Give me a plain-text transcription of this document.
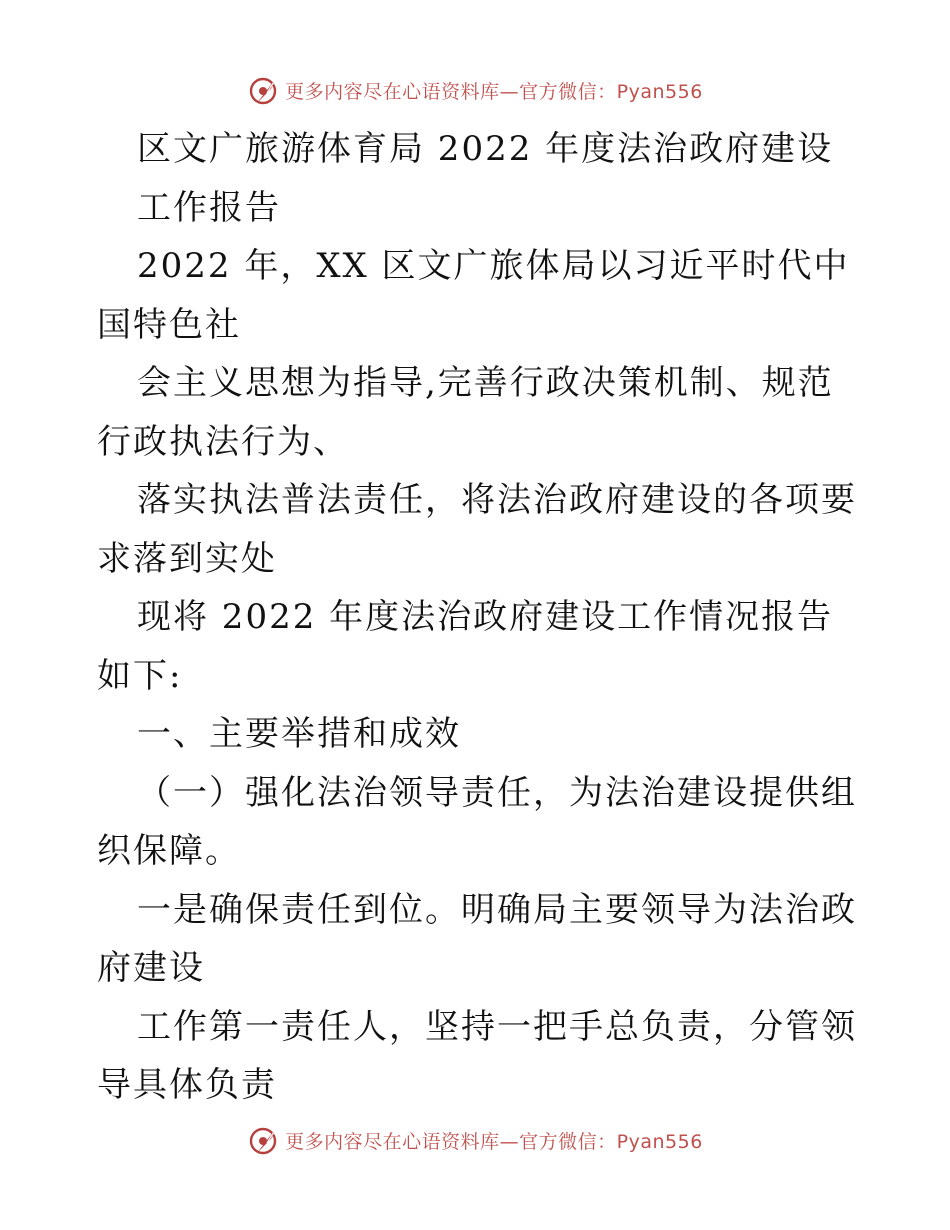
更多内容尽在心语资料库—官方微信：Pyan556

区文广旅游体育局 2022 年度法治政府建设

工作报告

2022 年，XX 区文广旅体局以习近平时代中国特色社

会主义思想为指导,完善行政决策机制、规范行政执法行为、

落实执法普法责任，将法治政府建设的各项要求落到实处

现将 2022 年度法治政府建设工作情况报告如下:

一、主要举措和成效

（一）强化法治领导责任，为法治建设提供组织保障。

一是确保责任到位。明确局主要领导为法治政府建设

工作第一责任人，坚持一把手总负责，分管领导具体负责

更多内容尽在心语资料库—官方微信：Pyan556
